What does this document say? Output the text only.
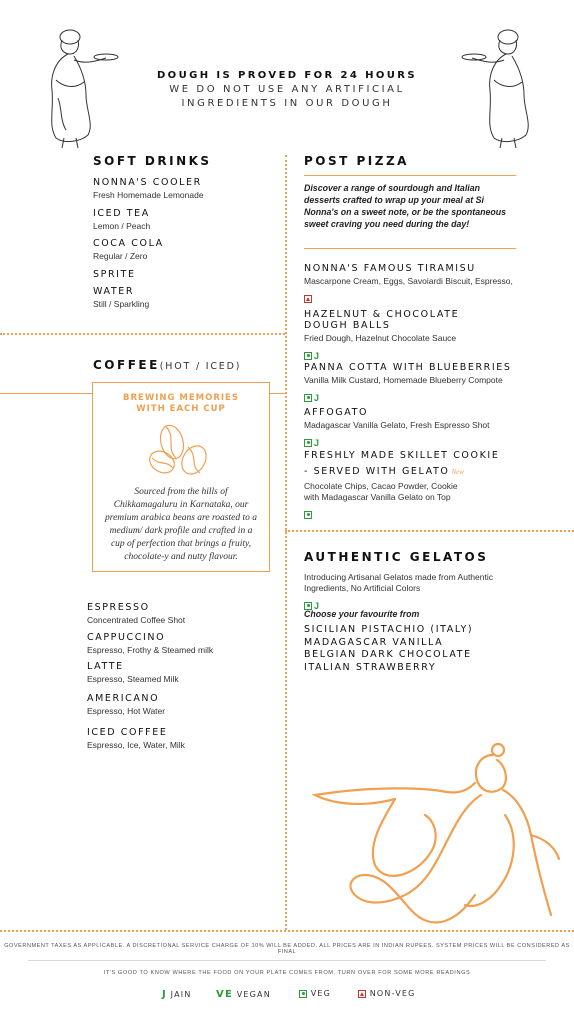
DOUGH IS PROVED FOR 24 HOURS
WE DO NOT USE ANY ARTIFICIAL
INGREDIENTS IN OUR DOUGH
SOFT DRINKS
NONNA'S COOLER
Fresh Homemade Lemonade
ICED TEA
Lemon / Peach
COCA COLA
Regular / Zero
SPRITE
WATER
Still / Sparkling
COFFEE(HOT / ICED)
BREWING MEMORIES
WITH EACH CUP
Sourced from the hills of Chikkamagaluru in Karnataka, our premium arabica beans are roasted to a medium/ dark profile and crafted in a cup of perfection that brings a fruity, chocolate-y and nutty flavour.
ESPRESSO
Concentrated Coffee Shot
CAPPUCCINO
Espresso, Frothy & Steamed milk
LATTE
Espresso, Steamed Milk
AMERICANO
Espresso, Hot Water
ICED COFFEE
Espresso, Ice, Water, Milk
POST PIZZA
Discover a range of sourdough and Italian desserts crafted to wrap up your meal at Si Nonna's on a sweet note, or be the spontaneous sweet craving you need during the day!
NONNA'S FAMOUS TIRAMISU
Mascarpone Cream, Eggs, Savoiardi Biscuit, Espresso,
HAZELNUT & CHOCOLATE
DOUGH BALLS
Fried Dough, Hazelnut Chocolate Sauce
J
PANNA COTTA WITH BLUEBERRIES
Vanilla Milk Custard, Homemade Blueberry Compote
J
AFFOGATO
Madagascar Vanilla Gelato, Fresh Espresso Shot
J
FRESHLY MADE SKILLET COOKIE
- SERVED WITH GELATO New
Chocolate Chips, Cacao Powder, Cookie
with Madagascar Vanilla Gelato on Top
AUTHENTIC GELATOS
Introducing Artisanal Gelatos made from Authentic
Ingredients, No Artificial Colors
J
Choose your favourite from
SICILIAN PISTACHIO (ITALY)
MADAGASCAR VANILLA
BELGIAN DARK CHOCOLATE
ITALIAN STRAWBERRY
GOVERNMENT TAXES AS APPLICABLE. A DISCRETIONAL SERVICE CHARGE OF 10% WILL BE ADDED. ALL PRICES ARE IN INDIAN RUPEES. SYSTEM PRICES WILL BE CONSIDERED AS FINAL
IT'S GOOD TO KNOW WHERE THE FOOD ON YOUR PLATE COMES FROM. TURN OVER FOR SOME MORE READINGS
J JAIN VE VEGAN	VEG	NON-VEG
